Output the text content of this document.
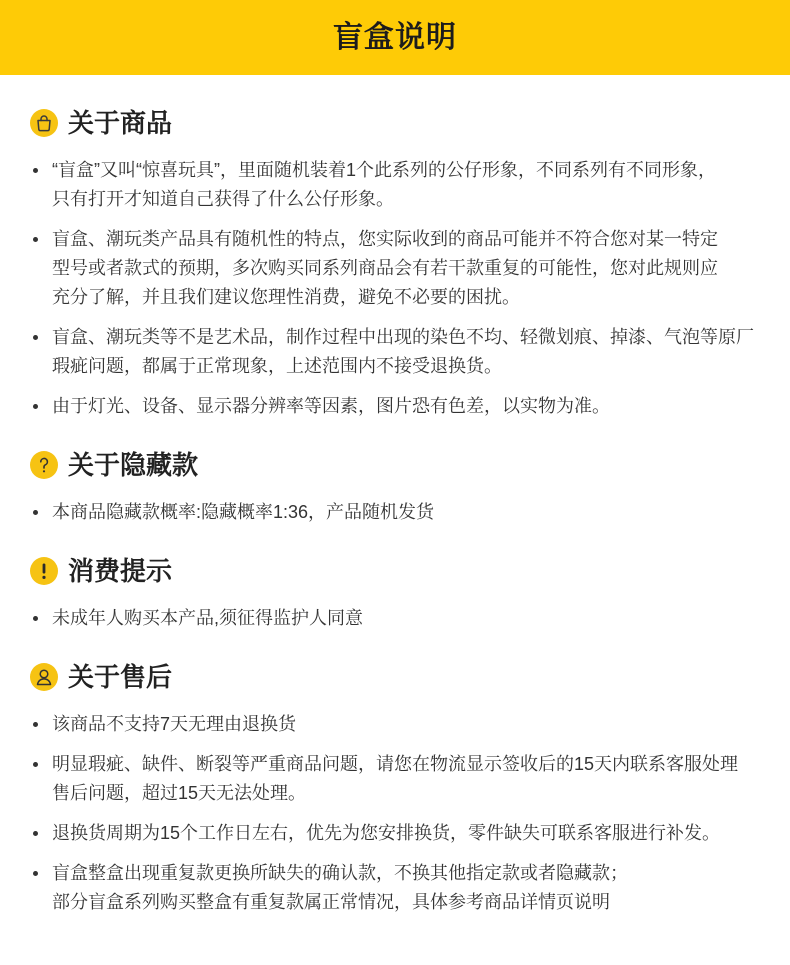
盲盒说明
关于商品
“盲盒”又叫“惊喜玩具”，里面随机装着1个此系列的公仔形象，不同系列有不同形象，
只有打开才知道自己获得了什么公仔形象。
盲盒、潮玩类产品具有随机性的特点，您实际收到的商品可能并不符合您对某一特定
型号或者款式的预期，多次购买同系列商品会有若干款重复的可能性，您对此规则应
充分了解，并且我们建议您理性消费，避免不必要的困扰。
盲盒、潮玩类等不是艺术品，制作过程中出现的染色不均、轻微划痕、掉漆、气泡等原厂
瑕疵问题，都属于正常现象，上述范围内不接受退换货。
由于灯光、设备、显示器分辨率等因素，图片恐有色差，以实物为准。
关于隐藏款
本商品隐藏款概率:隐藏概率1:36，产品随机发货
消费提示
未成年人购买本产品,须征得监护人同意
关于售后
该商品不支持7天无理由退换货
明显瑕疵、缺件、断裂等严重商品问题，请您在物流显示签收后的15天内联系客服处理
售后问题，超过15天无法处理。
退换货周期为15个工作日左右，优先为您安排换货，零件缺失可联系客服进行补发。
盲盒整盒出现重复款更换所缺失的确认款，不换其他指定款或者隐藏款；
部分盲盒系列购买整盒有重复款属正常情况，具体参考商品详情页说明
